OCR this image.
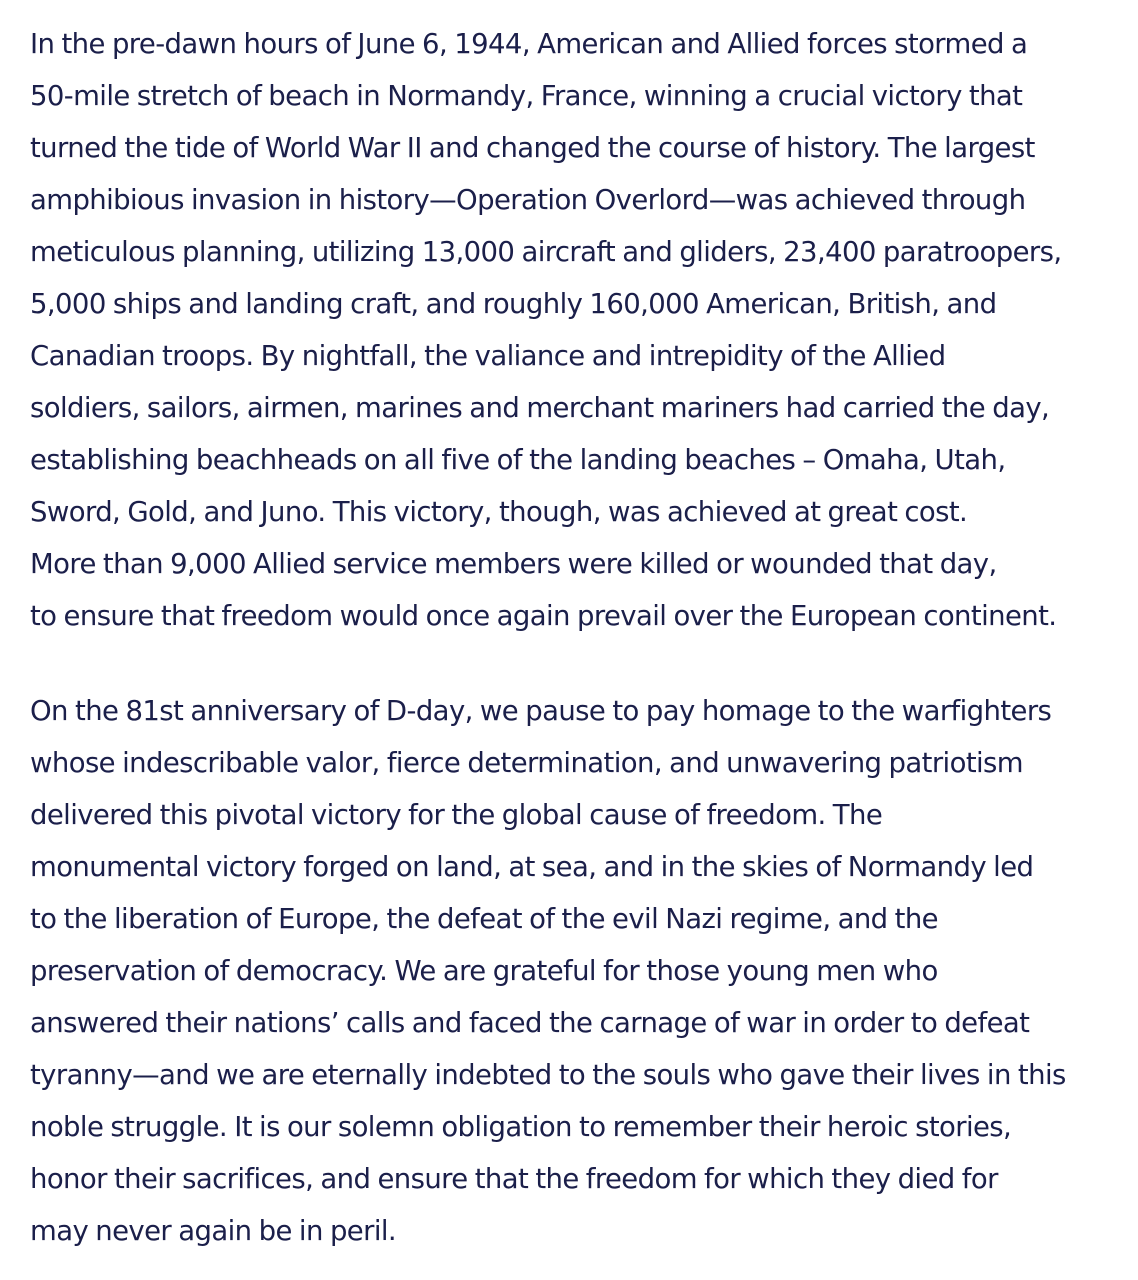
In the pre-dawn hours of June 6, 1944, American and Allied forces stormed a
50-mile stretch of beach in Normandy, France, winning a crucial victory that
turned the tide of World War II and changed the course of history. The largest
amphibious invasion in history—Operation Overlord—was achieved through
meticulous planning, utilizing 13,000 aircraft and gliders, 23,400 paratroopers,
5,000 ships and landing craft, and roughly 160,000 American, British, and
Canadian troops. By nightfall, the valiance and intrepidity of the Allied
soldiers, sailors, airmen, marines and merchant mariners had carried the day,
establishing beachheads on all five of the landing beaches – Omaha, Utah,
Sword, Gold, and Juno. This victory, though, was achieved at great cost.
More than 9,000 Allied service members were killed or wounded that day,
to ensure that freedom would once again prevail over the European continent.

On the 81st anniversary of D-day, we pause to pay homage to the warfighters
whose indescribable valor, fierce determination, and unwavering patriotism
delivered this pivotal victory for the global cause of freedom. The
monumental victory forged on land, at sea, and in the skies of Normandy led
to the liberation of Europe, the defeat of the evil Nazi regime, and the
preservation of democracy. We are grateful for those young men who
answered their nations’ calls and faced the carnage of war in order to defeat
tyranny—and we are eternally indebted to the souls who gave their lives in this
noble struggle. It is our solemn obligation to remember their heroic stories,
honor their sacrifices, and ensure that the freedom for which they died for
may never again be in peril.
